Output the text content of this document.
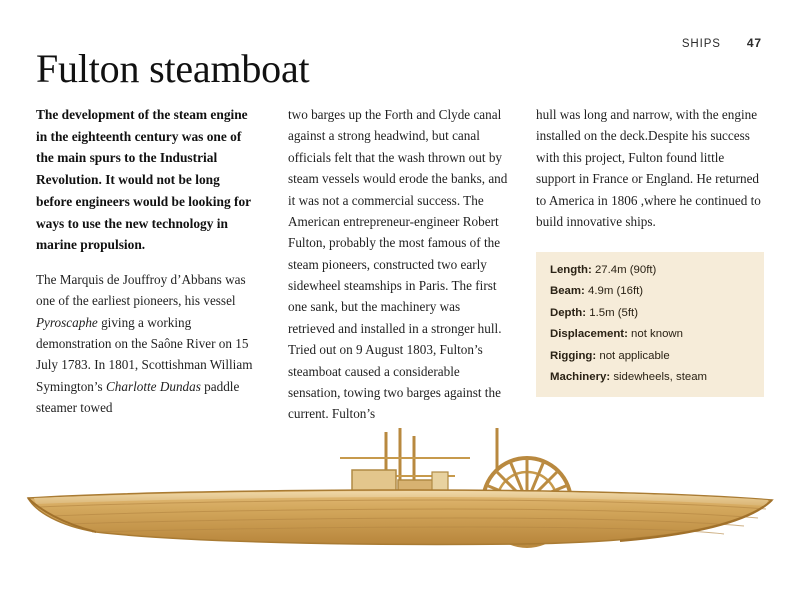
SHIPS 47
Fulton steamboat

The development of the steam engine in the eighteenth century was one of the main spurs to the Industrial Revolution. It would not be long before engineers would be looking for ways to use the new technology in marine propulsion.

The Marquis de Jouffroy d’Abbans was one of the earliest pioneers, his vessel Pyroscaphe giving a working demonstration on the Saône River on 15 July 1783. In 1801, Scottishman William Symington’s Charlotte Dundas paddle steamer towed

two barges up the Forth and Clyde canal against a strong headwind, but canal officials felt that the wash thrown out by steam vessels would erode the banks, and it was not a commercial success. The American entrepreneur-engineer Robert Fulton, probably the most famous of the steam pioneers, constructed two early sidewheel steamships in Paris. The first one sank, but the machinery was retrieved and installed in a stronger hull. Tried out on 9 August 1803, Fulton’s steamboat caused a considerable sensation, towing two barges against the current. Fulton’s

hull was long and narrow, with the engine installed on the deck.Despite his success with this project, Fulton found little support in France or England. He returned to America in 1806 ,where he continued to build innovative ships.

Length: 27.4m (90ft)
Beam: 4.9m (16ft)
Depth: 1.5m (5ft)
Displacement: not known
Rigging: not applicable
Machinery: sidewheels, steam
